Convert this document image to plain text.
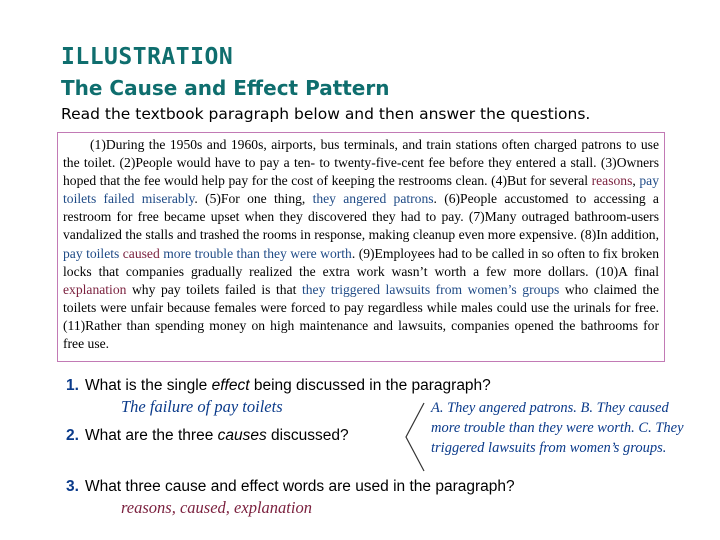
ILLUSTRATION
The Cause and Effect Pattern
Read the textbook paragraph below and then answer the questions.
(1)During the 1950s and 1960s, airports, bus terminals, and train stations often charged patrons to use the toilet. (2)People would have to pay a ten- to twenty-five-cent fee before they entered a stall. (3)Owners hoped that the fee would help pay for the cost of keeping the restrooms clean. (4)But for several reasons, pay toilets failed miserably. (5)For one thing, they angered patrons. (6)People accustomed to accessing a restroom for free became upset when they discovered they had to pay. (7)Many outraged bathroom-users vandalized the stalls and trashed the rooms in response, making cleanup even more expensive. (8)In addition, pay toilets caused more trouble than they were worth. (9)Employees had to be called in so often to fix broken locks that companies gradually realized the extra work wasn’t worth a few more dollars. (10)A final explanation why pay toilets failed is that they triggered lawsuits from women’s groups who claimed the toilets were unfair because females were forced to pay regardless while males could use the urinals for free. (11)Rather than spending money on high maintenance and lawsuits, companies opened the bathrooms for free use.
1. What is the single effect being discussed in the paragraph?
The failure of pay toilets
2. What are the three causes discussed?
A. They angered patrons. B. They caused more trouble than they were worth. C. They triggered lawsuits from women’s groups.
3. What three cause and effect words are used in the paragraph?
reasons, caused, explanation
